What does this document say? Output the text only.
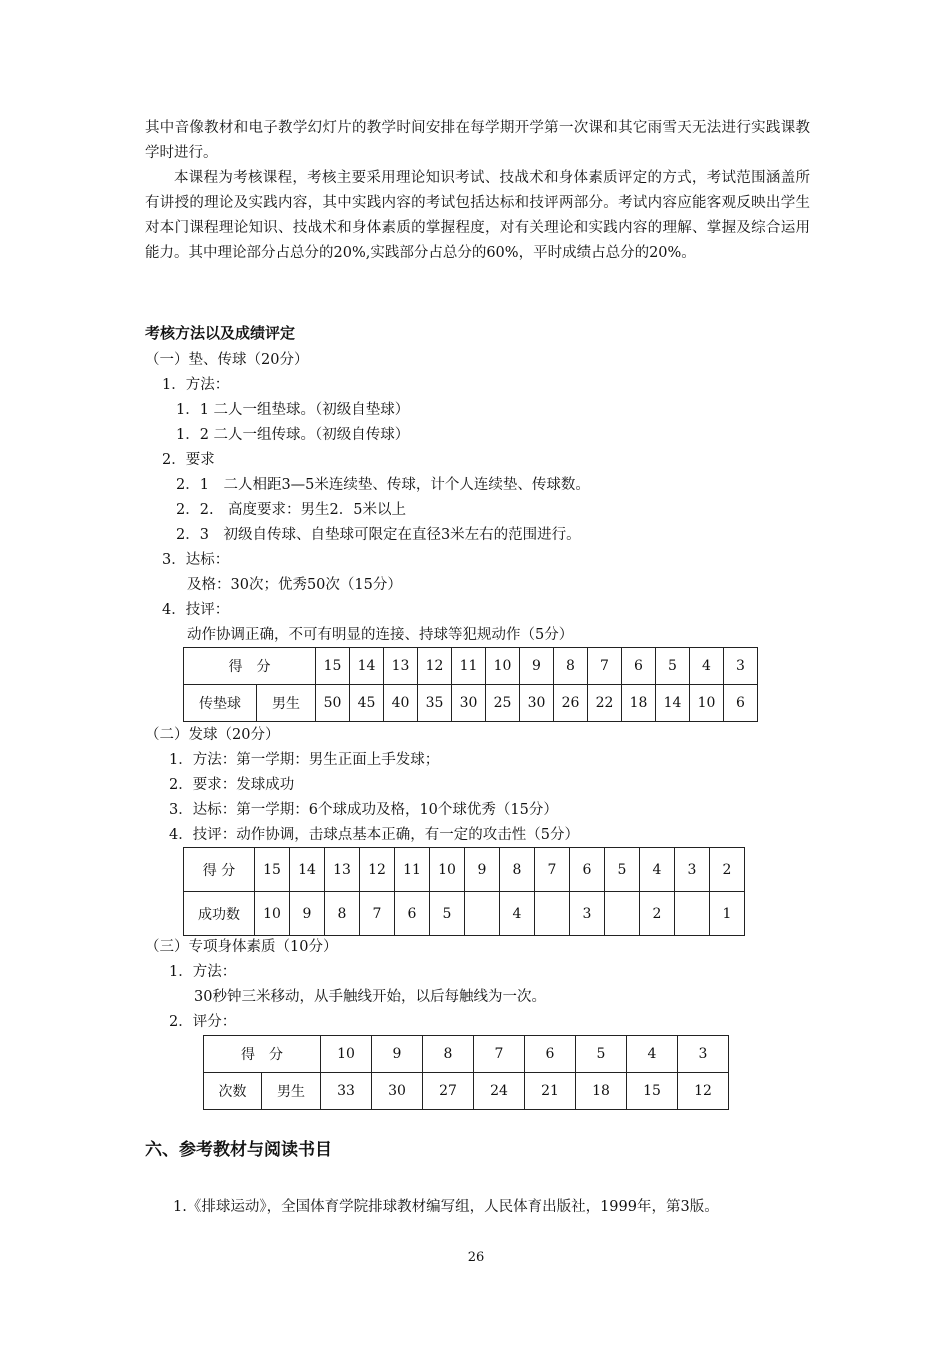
其中音像教材和电子教学幻灯片的教学时间安排在每学期开学第一次课和其它雨雪天无法进行实践课教学时进行。

本课程为考核课程，考核主要采用理论知识考试、技战术和身体素质评定的方式，考试范围涵盖所有讲授的理论及实践内容，其中实践内容的考试包括达标和技评两部分。考试内容应能客观反映出学生对本门课程理论知识、技战术和身体素质的掌握程度，对有关理论和实践内容的理解、掌握及综合运用能力。其中理论部分占总分的20%,实践部分占总分的60%，平时成绩占总分的20%。

考核方法以及成绩评定

（一）垫、传球（20分）

1．方法：

1．1 二人一组垫球。（初级自垫球）

1．2 二人一组传球。（初级自传球）

2．要求

2．1　二人相距3—5米连续垫、传球，计个人连续垫、传球数。

2．2.　高度要求：男生2．5米以上

2．3　初级自传球、自垫球可限定在直径3米左右的范围进行。

3．达标：

及格：30次；优秀50次（15分）

4．技评：

动作协调正确，不可有明显的连接、持球等犯规动作（5分）

得　分		15	14	13	12	11	10	9	8	7	6	5	4	3
传垫球	男生	50	45	40	35	30	25	30	26	22	18	14	10	6

（二）发球（20分）

1．方法：第一学期：男生正面上手发球；

2．要求：发球成功

3．达标：第一学期：6个球成功及格，10个球优秀（15分）

4．技评：动作协调，击球点基本正确，有一定的攻击性（5分）

得 分	15	14	13	12	11	10	9	8	7	6	5	4	3	2
成功数	10	9	8	7	6	5		4		3		2		1

（三）专项身体素质（10分）

1．方法：

30秒钟三米移动，从手触线开始，以后每触线为一次。

2．评分：

得　分		10	9	8	7	6	5	4	3
次数	男生	33	30	27	24	21	18	15	12

六、参考教材与阅读书目

1.《排球运动》，全国体育学院排球教材编写组，人民体育出版社，1999年，第3版。

26
